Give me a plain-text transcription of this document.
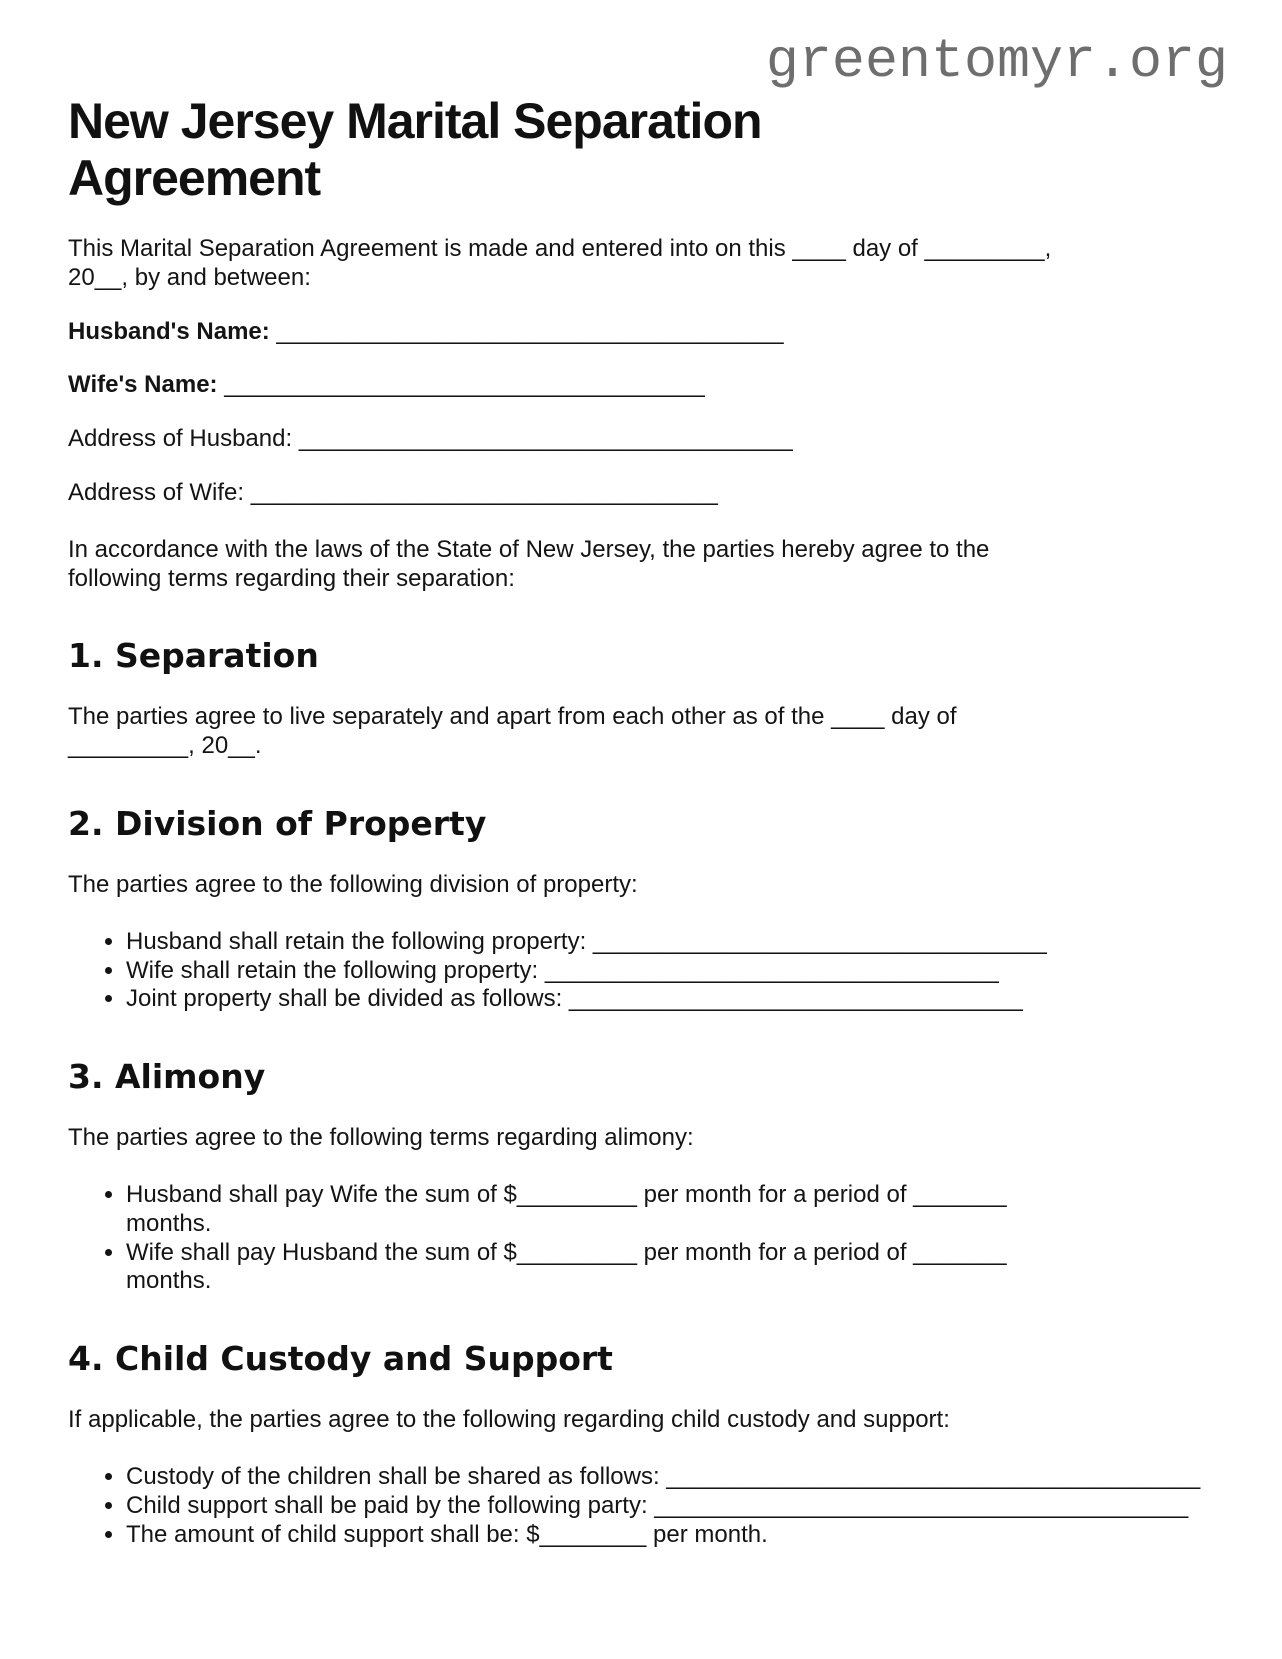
greentomyr.org
New Jersey Marital Separation
Agreement

This Marital Separation Agreement is made and entered into on this ____ day of _________,
20__, by and between:

Husband's Name: ______________________________________

Wife's Name: ____________________________________

Address of Husband: _____________________________________

Address of Wife: ___________________________________

In accordance with the laws of the State of New Jersey, the parties hereby agree to the
following terms regarding their separation:

1. Separation

The parties agree to live separately and apart from each other as of the ____ day of
_________, 20__.

2. Division of Property

The parties agree to the following division of property:

• Husband shall retain the following property: __________________________________
• Wife shall retain the following property: __________________________________
• Joint property shall be divided as follows: __________________________________
3. Alimony

The parties agree to the following terms regarding alimony:

• Husband shall pay Wife the sum of $_________ per month for a period of _______
months.
• Wife shall pay Husband the sum of $_________ per month for a period of _______
months.
4. Child Custody and Support

If applicable, the parties agree to the following regarding child custody and support:

• Custody of the children shall be shared as follows: ________________________________________
• Child support shall be paid by the following party: ________________________________________
• The amount of child support shall be: $________ per month.
